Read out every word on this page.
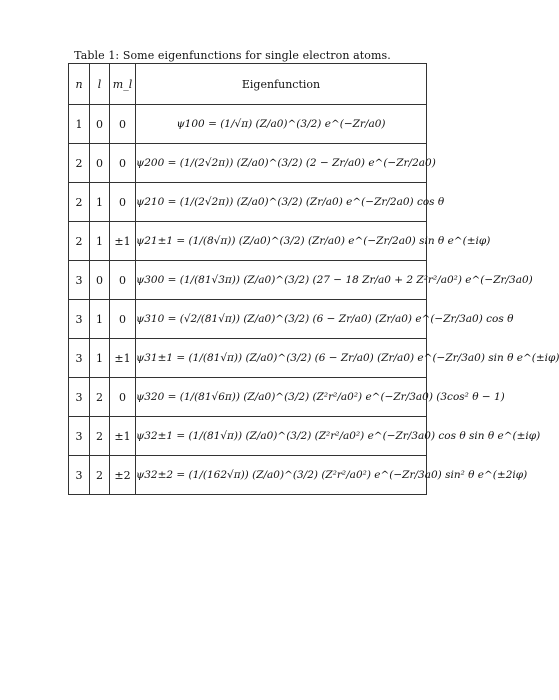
Table 1: Some eigenfunctions for single electron atoms.
n	l	m_l	Eigenfunction
1	0	0	ψ100 = (1/√π) (Z/a0)^(3/2) e^(−Zr/a0)
2	0	0	ψ200 = (1/(2√2π)) (Z/a0)^(3/2) (2 − Zr/a0) e^(−Zr/2a0)
2	1	0	ψ210 = (1/(2√2π)) (Z/a0)^(3/2) (Zr/a0) e^(−Zr/2a0) cos θ
2	1	±1	ψ21±1 = (1/(8√π)) (Z/a0)^(3/2) (Zr/a0) e^(−Zr/2a0) sin θ e^(±iφ)
3	0	0	ψ300 = (1/(81√3π)) (Z/a0)^(3/2) (27 − 18 Zr/a0 + 2 Z²r²/a0²) e^(−Zr/3a0)
3	1	0	ψ310 = (√2/(81√π)) (Z/a0)^(3/2) (6 − Zr/a0) (Zr/a0) e^(−Zr/3a0) cos θ
3	1	±1	ψ31±1 = (1/(81√π)) (Z/a0)^(3/2) (6 − Zr/a0) (Zr/a0) e^(−Zr/3a0) sin θ e^(±iφ)
3	2	0	ψ320 = (1/(81√6π)) (Z/a0)^(3/2) (Z²r²/a0²) e^(−Zr/3a0) (3cos² θ − 1)
3	2	±1	ψ32±1 = (1/(81√π)) (Z/a0)^(3/2) (Z²r²/a0²) e^(−Zr/3a0) cos θ sin θ e^(±iφ)
3	2	±2	ψ32±2 = (1/(162√π)) (Z/a0)^(3/2) (Z²r²/a0²) e^(−Zr/3a0) sin² θ e^(±2iφ)
